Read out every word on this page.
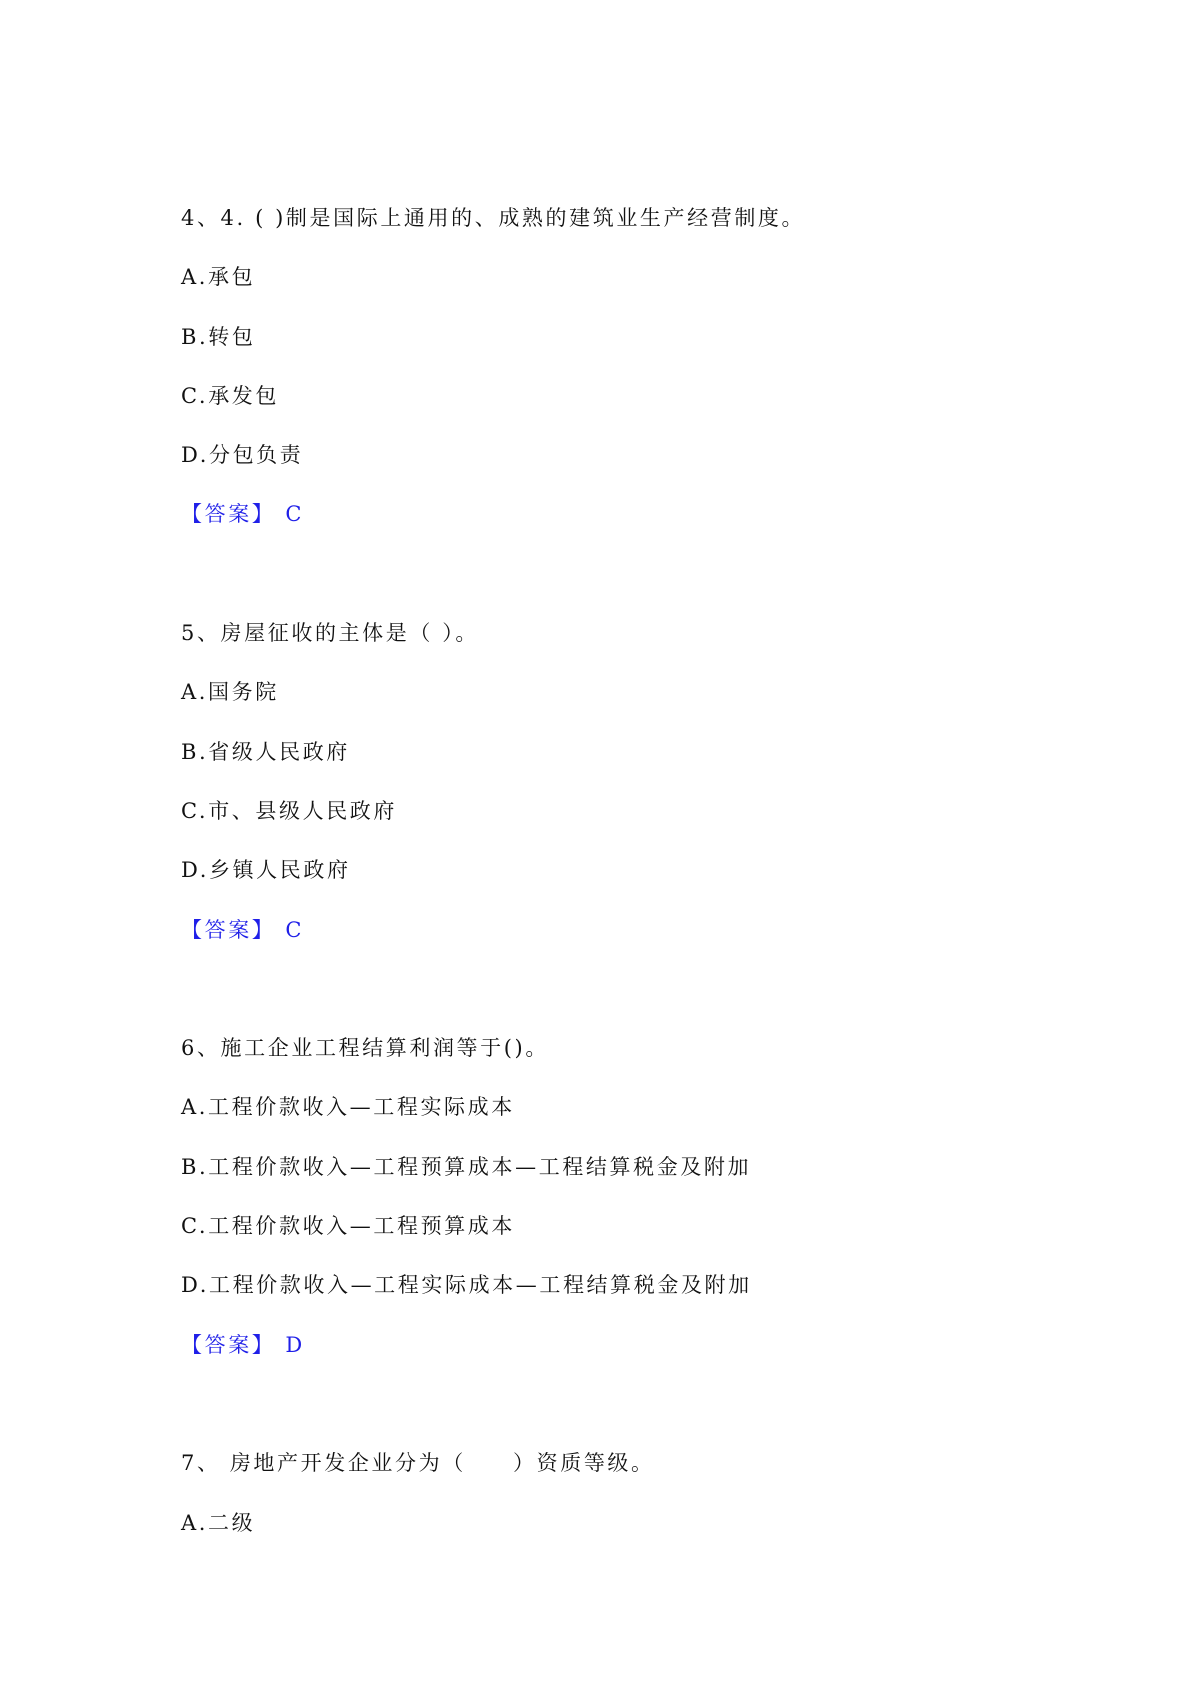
4、4. ( )制是国际上通用的、成熟的建筑业生产经营制度。
A.承包
B.转包
C.承发包
D.分包负责
【答案】 C
5、房屋征收的主体是（ ）。
A.国务院
B.省级人民政府
C.市、县级人民政府
D.乡镇人民政府
【答案】 C
6、施工企业工程结算利润等于()。
A.工程价款收入—工程实际成本
B.工程价款收入—工程预算成本—工程结算税金及附加
C.工程价款收入—工程预算成本
D.工程价款收入—工程实际成本—工程结算税金及附加
【答案】 D
7、 房地产开发企业分为（　　）资质等级。
A.二级
